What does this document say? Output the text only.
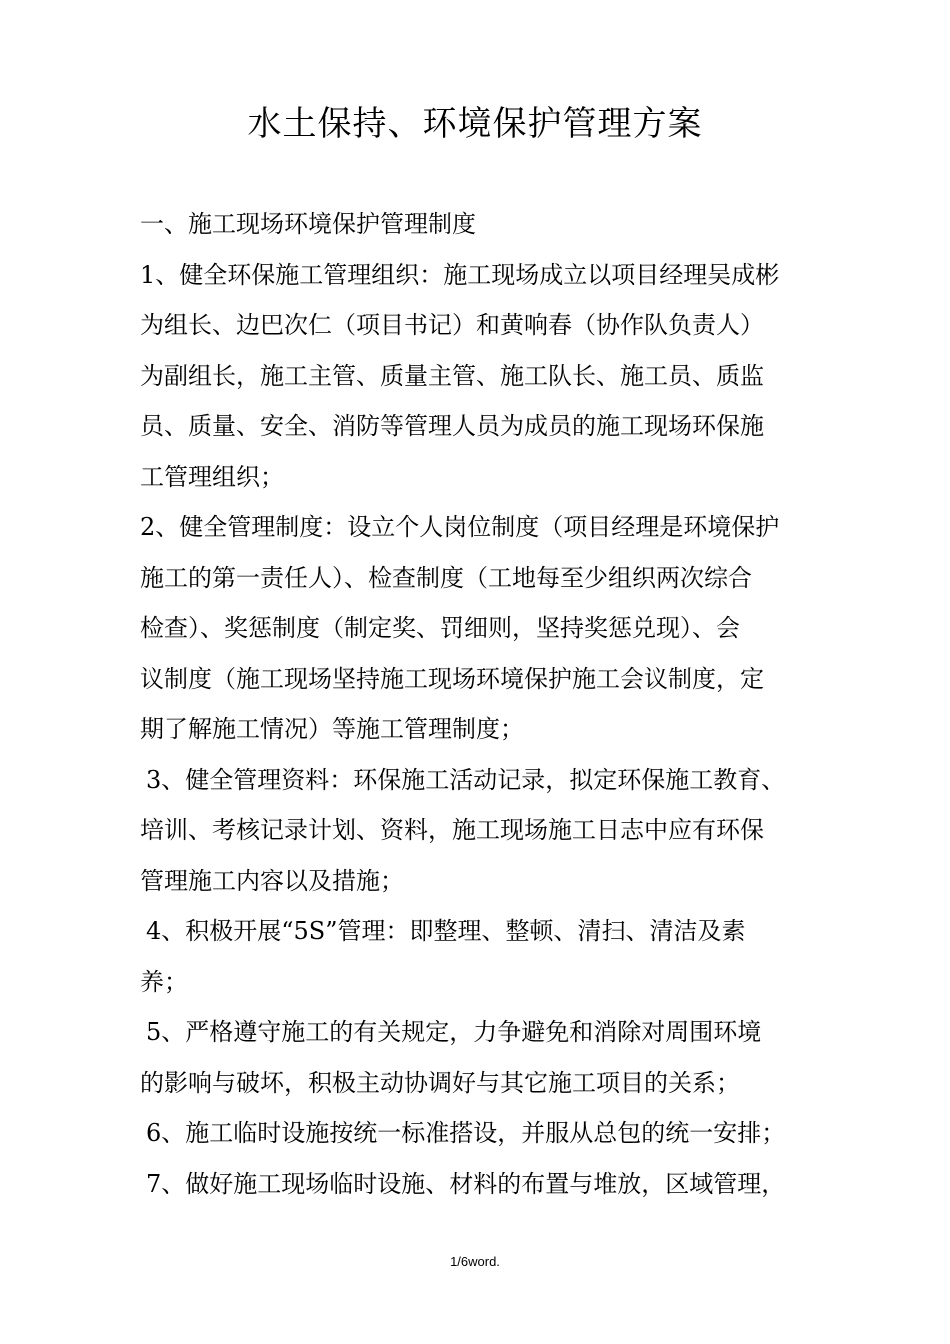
水土保持、环境保护管理方案
一、施工现场环境保护管理制度
1、健全环保施工管理组织：施工现场成立以项目经理吴成彬
为组长、边巴次仁（项目书记）和黄响春（协作队负责人）
为副组长，施工主管、质量主管、施工队长、施工员、质监
员、质量、安全、消防等管理人员为成员的施工现场环保施
工管理组织；
2、健全管理制度：设立个人岗位制度（项目经理是环境保护
施工的第一责任人）、检查制度（工地每至少组织两次综合
检查）、奖惩制度（制定奖、罚细则，坚持奖惩兑现）、会
议制度（施工现场坚持施工现场环境保护施工会议制度，定
期了解施工情况）等施工管理制度；
3、健全管理资料：环保施工活动记录，拟定环保施工教育、
培训、考核记录计划、资料，施工现场施工日志中应有环保
管理施工内容以及措施；
4、积极开展“5S”管理：即整理、整顿、清扫、清洁及素
养；
5、严格遵守施工的有关规定，力争避免和消除对周围环境
的影响与破坏，积极主动协调好与其它施工项目的关系；
6、施工临时设施按统一标准搭设，并服从总包的统一安排；
7、做好施工现场临时设施、材料的布置与堆放，区域管理，
1/6word.
